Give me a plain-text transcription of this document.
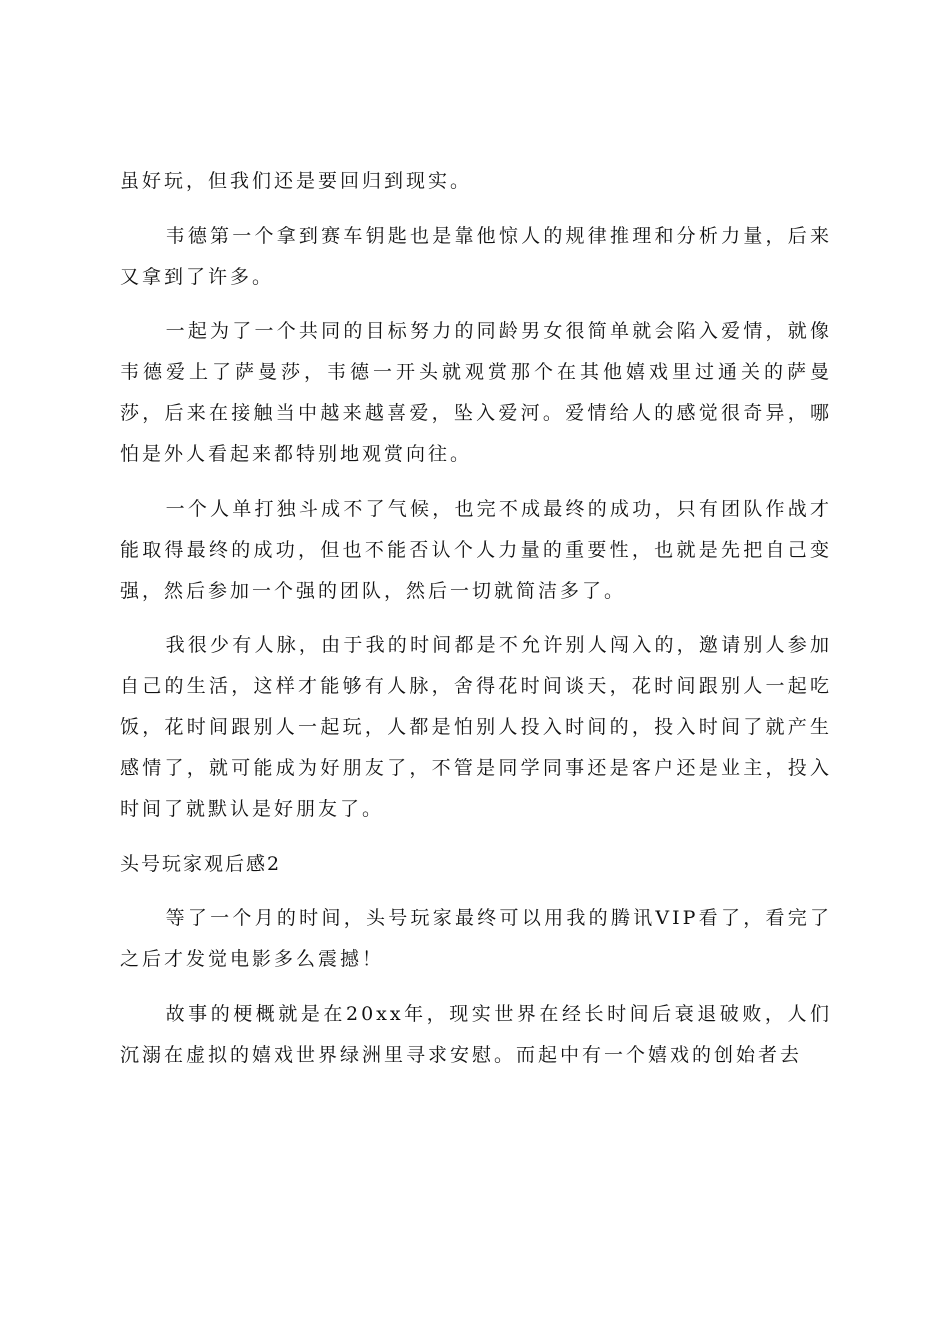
虽好玩，但我们还是要回归到现实。

韦德第一个拿到赛车钥匙也是靠他惊人的规律推理和分析力量，后来又拿到了许多。

一起为了一个共同的目标努力的同龄男女很简单就会陷入爱情，就像韦德爱上了萨曼莎，韦德一开头就观赏那个在其他嬉戏里过通关的萨曼莎，后来在接触当中越来越喜爱，坠入爱河。爱情给人的感觉很奇异，哪怕是外人看起来都特别地观赏向往。

一个人单打独斗成不了气候，也完不成最终的成功，只有团队作战才能取得最终的成功，但也不能否认个人力量的重要性，也就是先把自己变强，然后参加一个强的团队，然后一切就简洁多了。

我很少有人脉，由于我的时间都是不允许别人闯入的，邀请别人参加自己的生活，这样才能够有人脉，舍得花时间谈天，花时间跟别人一起吃饭，花时间跟别人一起玩，人都是怕别人投入时间的，投入时间了就产生感情了，就可能成为好朋友了，不管是同学同事还是客户还是业主，投入时间了就默认是好朋友了。

头号玩家观后感2

等了一个月的时间，头号玩家最终可以用我的腾讯VIP看了，看完了之后才发觉电影多么震撼！

故事的梗概就是在20xx年，现实世界在经长时间后衰退破败，人们沉溺在虚拟的嬉戏世界绿洲里寻求安慰。而起中有一个嬉戏的创始者去
